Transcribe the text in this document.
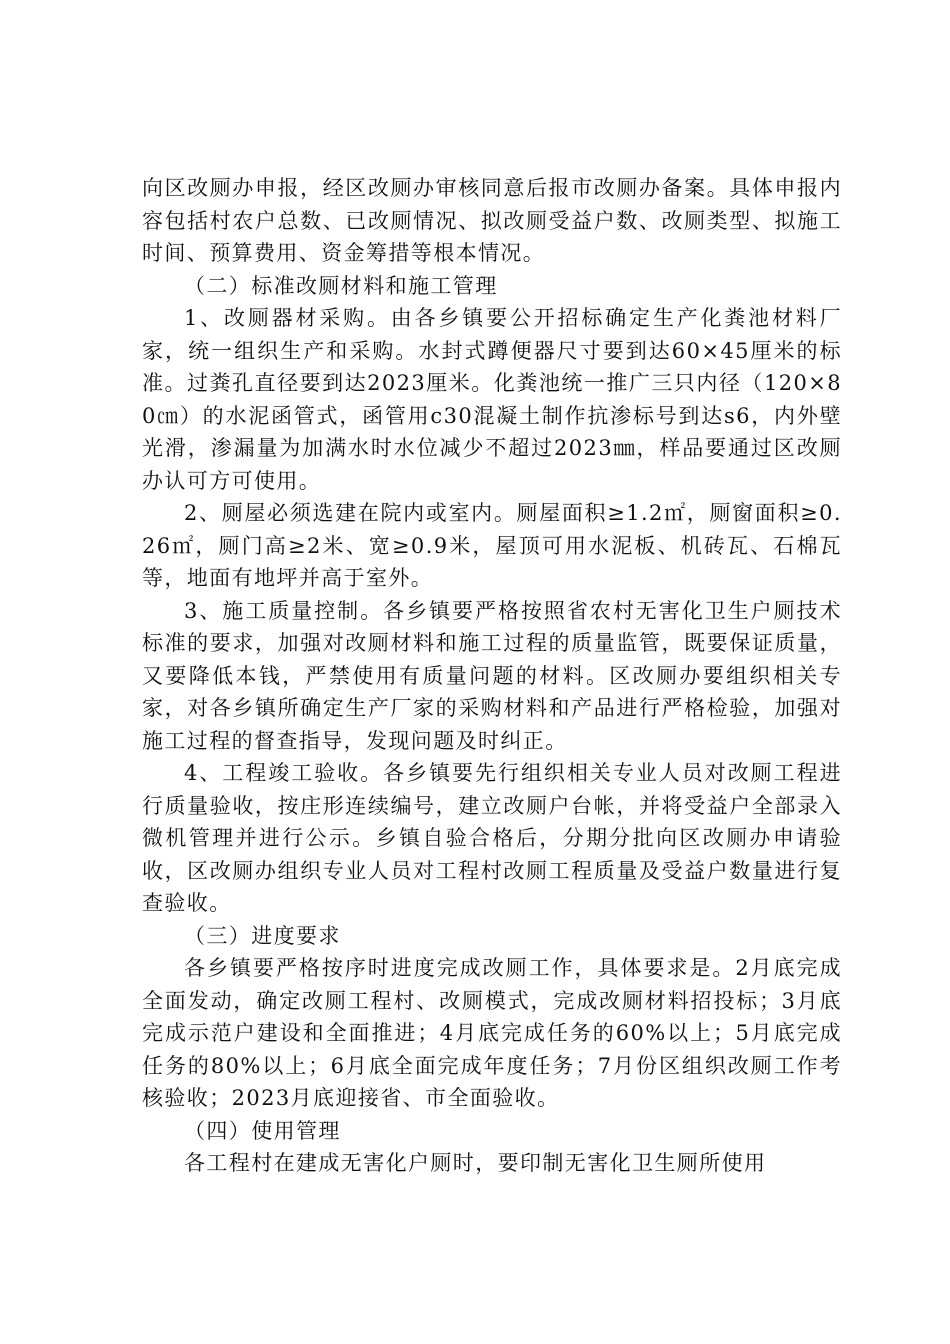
向区改厕办申报，经区改厕办审核同意后报市改厕办备案。具体申报内容包括村农户总数、已改厕情况、拟改厕受益户数、改厕类型、拟施工时间、预算费用、资金筹措等根本情况。

（二）标准改厕材料和施工管理

1、改厕器材采购。由各乡镇要公开招标确定生产化粪池材料厂家，统一组织生产和采购。水封式蹲便器尺寸要到达60×45厘米的标准。过粪孔直径要到达2023厘米。化粪池统一推广三只内径（120×80㎝）的水泥函管式，函管用c30混凝土制作抗渗标号到达s6，内外壁光滑，渗漏量为加满水时水位减少不超过2023㎜，样品要通过区改厕办认可方可使用。

2、厕屋必须选建在院内或室内。厕屋面积≥1.2㎡，厕窗面积≥0.26㎡，厕门高≥2米、宽≥0.9米，屋顶可用水泥板、机砖瓦、石棉瓦等，地面有地坪并高于室外。

3、施工质量控制。各乡镇要严格按照省农村无害化卫生户厕技术标准的要求，加强对改厕材料和施工过程的质量监管，既要保证质量，又要降低本钱，严禁使用有质量问题的材料。区改厕办要组织相关专家，对各乡镇所确定生产厂家的采购材料和产品进行严格检验，加强对施工过程的督查指导，发现问题及时纠正。

4、工程竣工验收。各乡镇要先行组织相关专业人员对改厕工程进行质量验收，按庄形连续编号，建立改厕户台帐，并将受益户全部录入微机管理并进行公示。乡镇自验合格后，分期分批向区改厕办申请验收，区改厕办组织专业人员对工程村改厕工程质量及受益户数量进行复查验收。

（三）进度要求

各乡镇要严格按序时进度完成改厕工作，具体要求是。2月底完成全面发动，确定改厕工程村、改厕模式，完成改厕材料招投标；3月底完成示范户建设和全面推进；4月底完成任务的60%以上；5月底完成任务的80%以上；6月底全面完成年度任务；7月份区组织改厕工作考核验收；2023月底迎接省、市全面验收。

（四）使用管理

各工程村在建成无害化户厕时，要印制无害化卫生厕所使用
